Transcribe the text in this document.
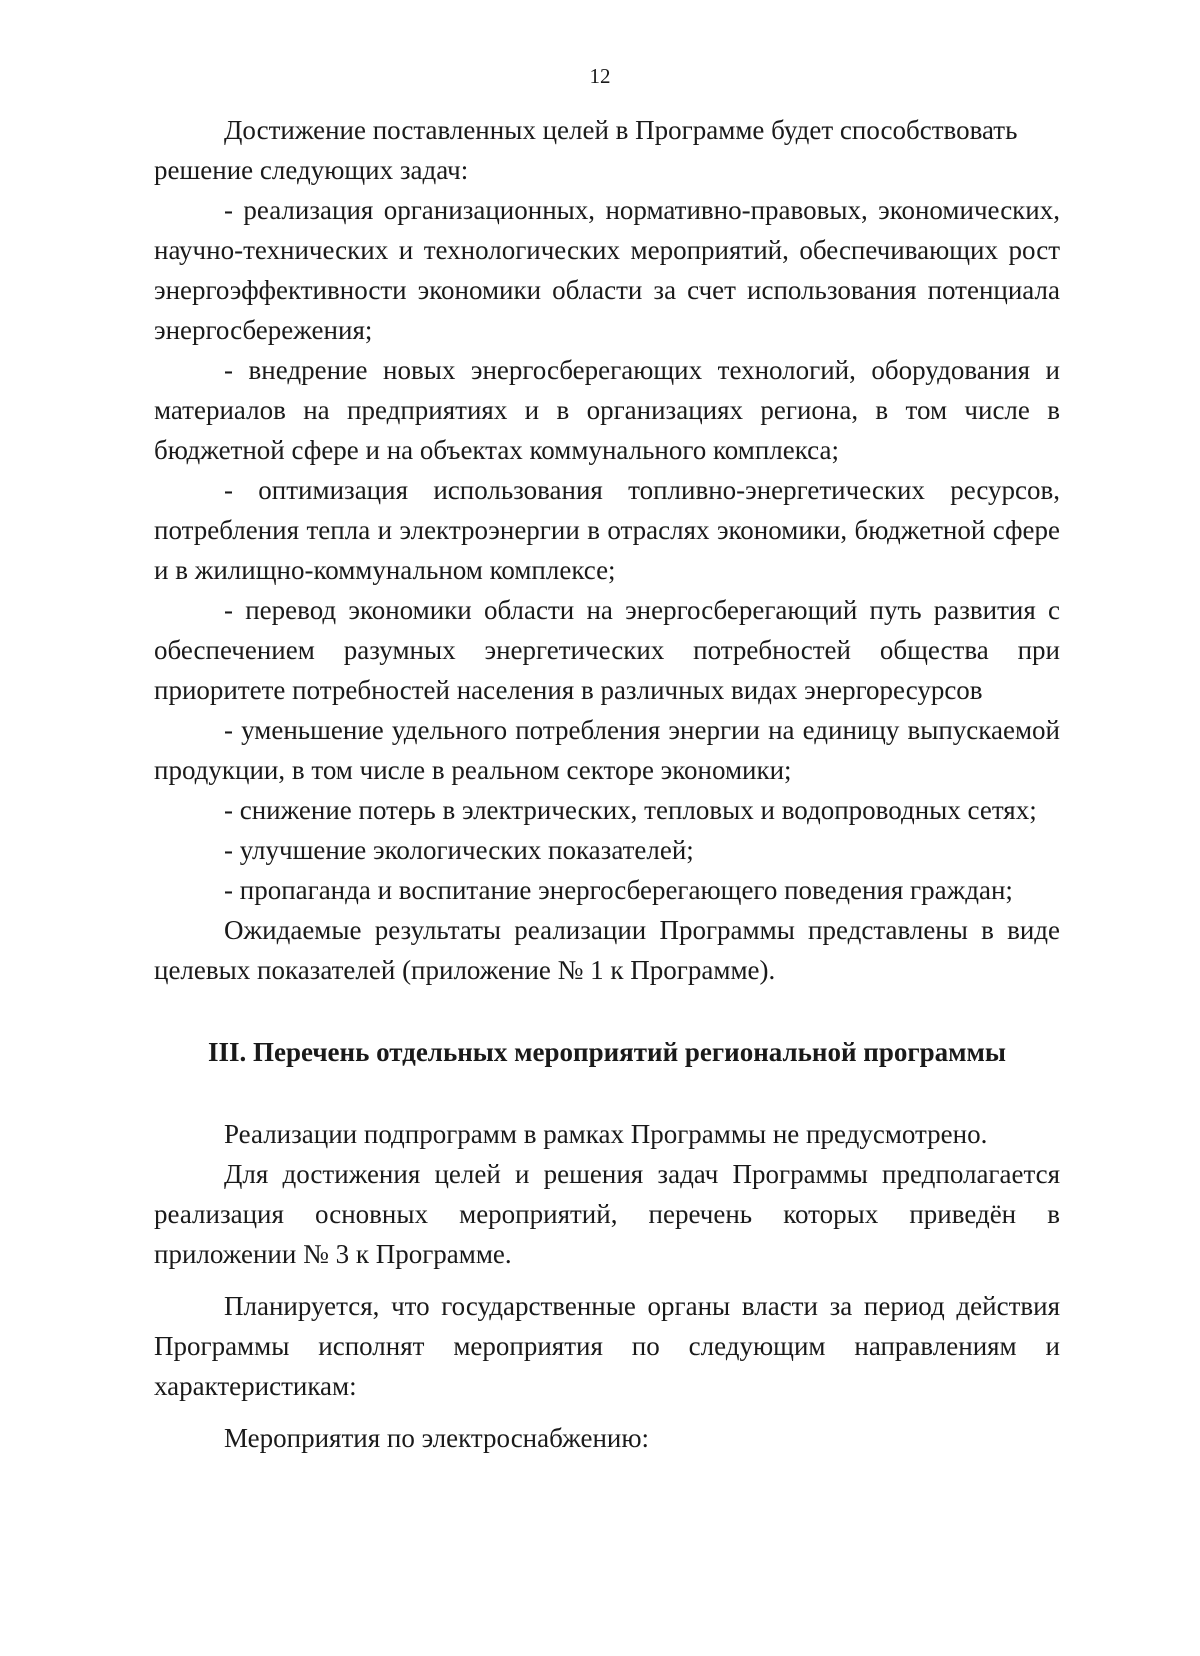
12

Достижение поставленных целей в Программе будет способствовать решение следующих задач:

- реализация организационных, нормативно-правовых, экономических, научно-технических и технологических мероприятий, обеспечивающих рост энергоэффективности экономики области за счет использования потенциала энергосбережения;

- внедрение новых энергосберегающих технологий, оборудования и материалов на предприятиях и в организациях региона, в том числе в бюджетной сфере и на объектах коммунального комплекса;

- оптимизация использования топливно-энергетических ресурсов, потребления тепла и электроэнергии в отраслях экономики, бюджетной сфере и в жилищно-коммунальном комплексе;

- перевод экономики области на энергосберегающий путь развития с обеспечением разумных энергетических потребностей общества при приоритете потребностей населения в различных видах энергоресурсов

- уменьшение удельного потребления энергии на единицу выпускаемой продукции, в том числе в реальном секторе экономики;

- снижение потерь в электрических, тепловых и водопроводных сетях;

- улучшение экологических показателей;

- пропаганда и воспитание энергосберегающего поведения граждан;

Ожидаемые результаты реализации Программы представлены в виде целевых показателей (приложение № 1 к Программе).

III. Перечень отдельных мероприятий региональной программы

Реализации подпрограмм в рамках Программы не предусмотрено.

Для достижения целей и решения задач Программы предполагается реализация основных мероприятий, перечень которых приведён в приложении № 3 к Программе.

Планируется, что государственные органы власти за период действия Программы исполнят мероприятия по следующим направлениям и характеристикам:

Мероприятия по электроснабжению:
